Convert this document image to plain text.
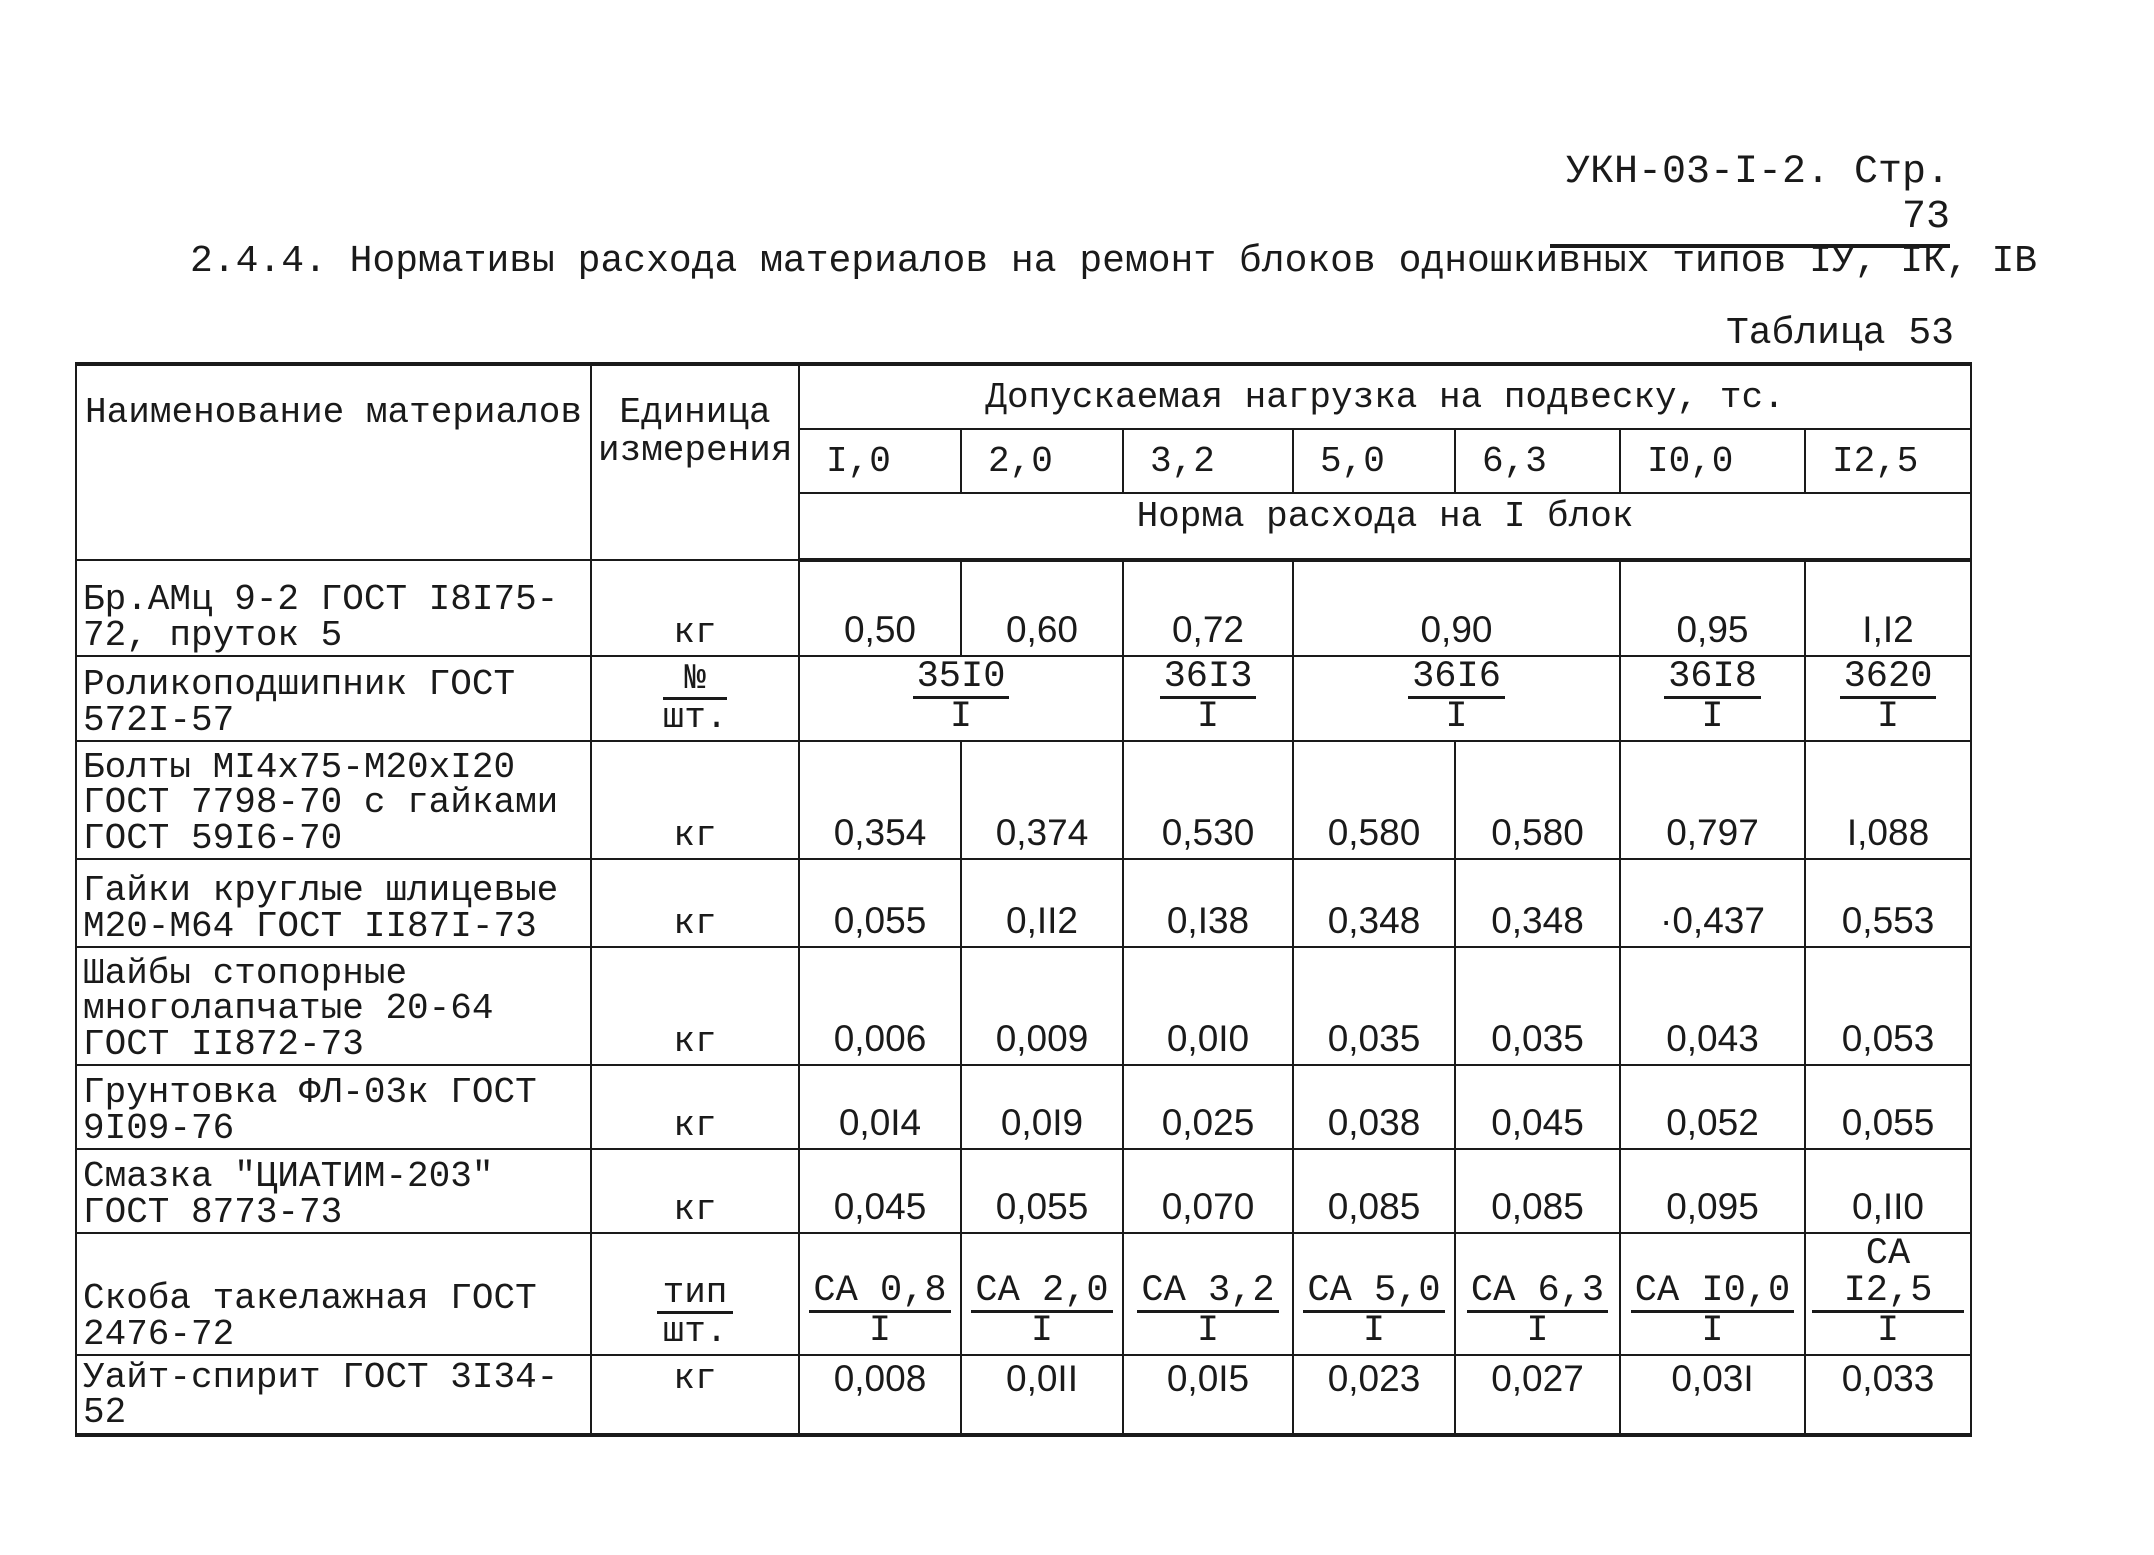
УКН-03-І-2. Стр. 73
2.4.4. Нормативы расхода материалов на ремонт блоков одношкивных типов ІУ, ІК, ІВ
Таблица 53
Наименование материалов	Единица измерения	Допускаемая нагрузка на подвеску, тс.						
		І,0	2,0	3,2	5,0	6,3	І0,0	І2,5
		Норма расхода на І блок						
Бр.АМц 9-2 ГОСТ І8І75-72, пруток 5	кг	0,50	0,60	0,72	0,90		0,95	І,І2
Роликоподшипник ГОСТ 572І-57	$\frac{№}{шт.}$	$\frac{35І0}{І}$		$\frac{36І3}{І}$	$\frac{36І6}{І}$		$\frac{36І8}{І}$	$\frac{3620}{І}$

Болты МІ4х75-М20хІ20 ГОСТ 7798-70 с гайками ГОСТ 59І6-70	кг	0,354	0,374	0,530	0,580	0,580	0,797	І,088
Гайки круглые шлицевые М20-М64 ГОСТ ІІ87І-73	кг	0,055	0,ІІ2	0,І38	0,348	0,348	·0,437	0,553
Шайбы стопорные многолапчатые 20-64 ГОСТ ІІ872-73	кг	0,006	0,009	0,0І0	0,035	0,035	0,043	0,053
Грунтовка ФЛ-03к ГОСТ 9І09-76	кг	0,0І4	0,0І9	0,025	0,038	0,045	0,052	0,055
Смазка "ЦИАТИМ-203" ГОСТ 8773-73	кг	0,045	0,055	0,070	0,085	0,085	0,095	0,ІІ0
Скоба такелажная ГОСТ 2476-72	$\frac{\text{тип}}{шт.}$	$\frac{СА 0,8}{І}$	$\frac{СА 2,0}{І}$	$\frac{СА 3,2}{І}$	$\frac{СА 5,0}{І}$	$\frac{СА 6,3}{І}$	$\frac{\text{СА І0,0}}{І}$	$\frac{\text{СА І2,5}}{І}$

Уайт-спирит ГОСТ 3І34-52	кг	0,008	0,0ІІ	0,0І5	0,023	0,027	0,03І	0,033
